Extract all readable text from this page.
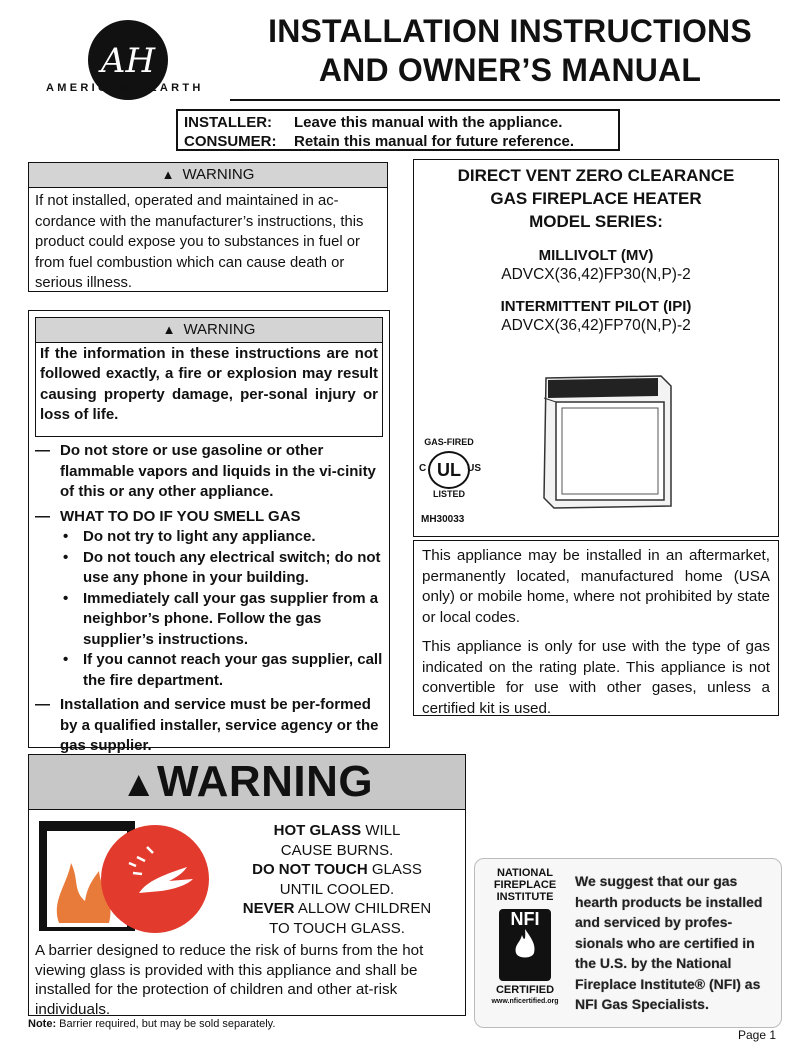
AH
AMERICAN HEARTH
INSTALLATION INSTRUCTIONS
AND OWNER’S MANUAL
INSTALLER: Leave this manual with the appliance.
CONSUMER: Retain this manual for future reference.
▲ WARNING
If not installed, operated and maintained in ac-cordance with the manufacturer’s instructions, this product could expose you to substances in fuel or from fuel combustion which can cause death or serious illness.
▲ WARNING
If the information in these instructions are not followed exactly, a fire or explosion may result causing property damage, per-sonal injury or loss of life.
— Do not store or use gasoline or other flammable vapors and liquids in the vi-cinity of this or any other appliance.
— WHAT TO DO IF YOU SMELL GAS
• Do not try to light any appliance.
• Do not touch any electrical switch; do not use any phone in your building.
• Immediately call your gas supplier from a neighbor’s phone. Follow the gas supplier’s instructions.
• If you cannot reach your gas supplier, call the fire department.
— Installation and service must be per-formed by a qualified installer, service agency or the gas supplier.
DIRECT VENT ZERO CLEARANCE
GAS FIREPLACE HEATER
MODEL SERIES:
MILLIVOLT (MV)
ADVCX(36,42)FP30(N,P)-2
INTERMITTENT PILOT (IPI)
ADVCX(36,42)FP70(N,P)-2
GAS-FIRED
C UL US
LISTED
MH30033

This appliance may be installed in an aftermarket, permanently located, manufactured home (USA only) or mobile home, where not prohibited by state or local codes.

This appliance is only for use with the type of gas indicated on the rating plate. This appliance is not convertible for use with other gases, unless a certified kit is used.

▲WARNING
HOT GLASS WILL
CAUSE BURNS.
DO NOT TOUCH GLASS
UNTIL COOLED.
NEVER ALLOW CHILDREN
TO TOUCH GLASS.
A barrier designed to reduce the risk of burns from the hot viewing glass is provided with this appliance and shall be installed for the protection of children and other at-risk individuals.
Note: Barrier required, but may be sold separately.
NATIONAL
FIREPLACE
INSTITUTE
NFI
CERTIFIED
www.nficertified.org
We suggest that our gas hearth products be installed and serviced by profes-sionals who are certified in the U.S. by the National Fireplace Institute® (NFI) as NFI Gas Specialists.
Page 1
